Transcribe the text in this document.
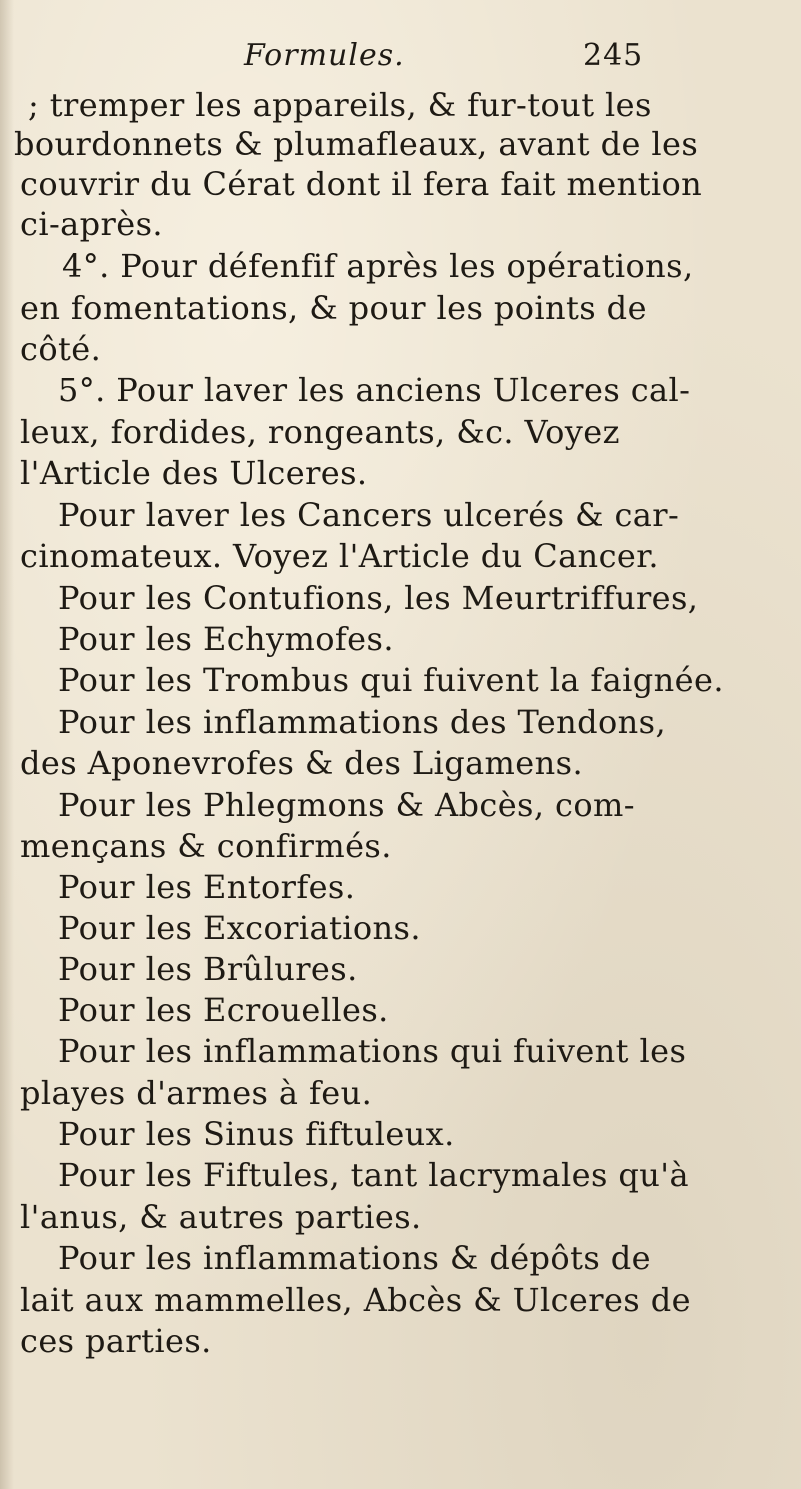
Formules.	245
; tremper les appareils, & fur-tout les
bourdonnets & plumafleaux, avant de les
couvrir du Cérat dont il fera fait mention
ci-après.
4°. Pour défenfif après les opérations,
en fomentations, & pour les points de
côté.
5°. Pour laver les anciens Ulceres cal-
leux, fordides, rongeants, &c. Voyez
l'Article des Ulceres.
Pour laver les Cancers ulcerés & car-
cinomateux. Voyez l'Article du Cancer.
Pour les Contufions, les Meurtriffures,
Pour les Echymofes.
Pour les Trombus qui fuivent la faignée.
Pour les inflammations des Tendons,
des Aponevrofes & des Ligamens.
Pour les Phlegmons & Abcès, com-
mençans & confirmés.
Pour les Entorfes.
Pour les Excoriations.
Pour les Brûlures.
Pour les Ecrouelles.
Pour les inflammations qui fuivent les
playes d'armes à feu.
Pour les Sinus fiftuleux.
Pour les Fiftules, tant lacrymales qu'à
l'anus, & autres parties.
Pour les inflammations & dépôts de
lait aux mammelles, Abcès & Ulceres de
ces parties.
